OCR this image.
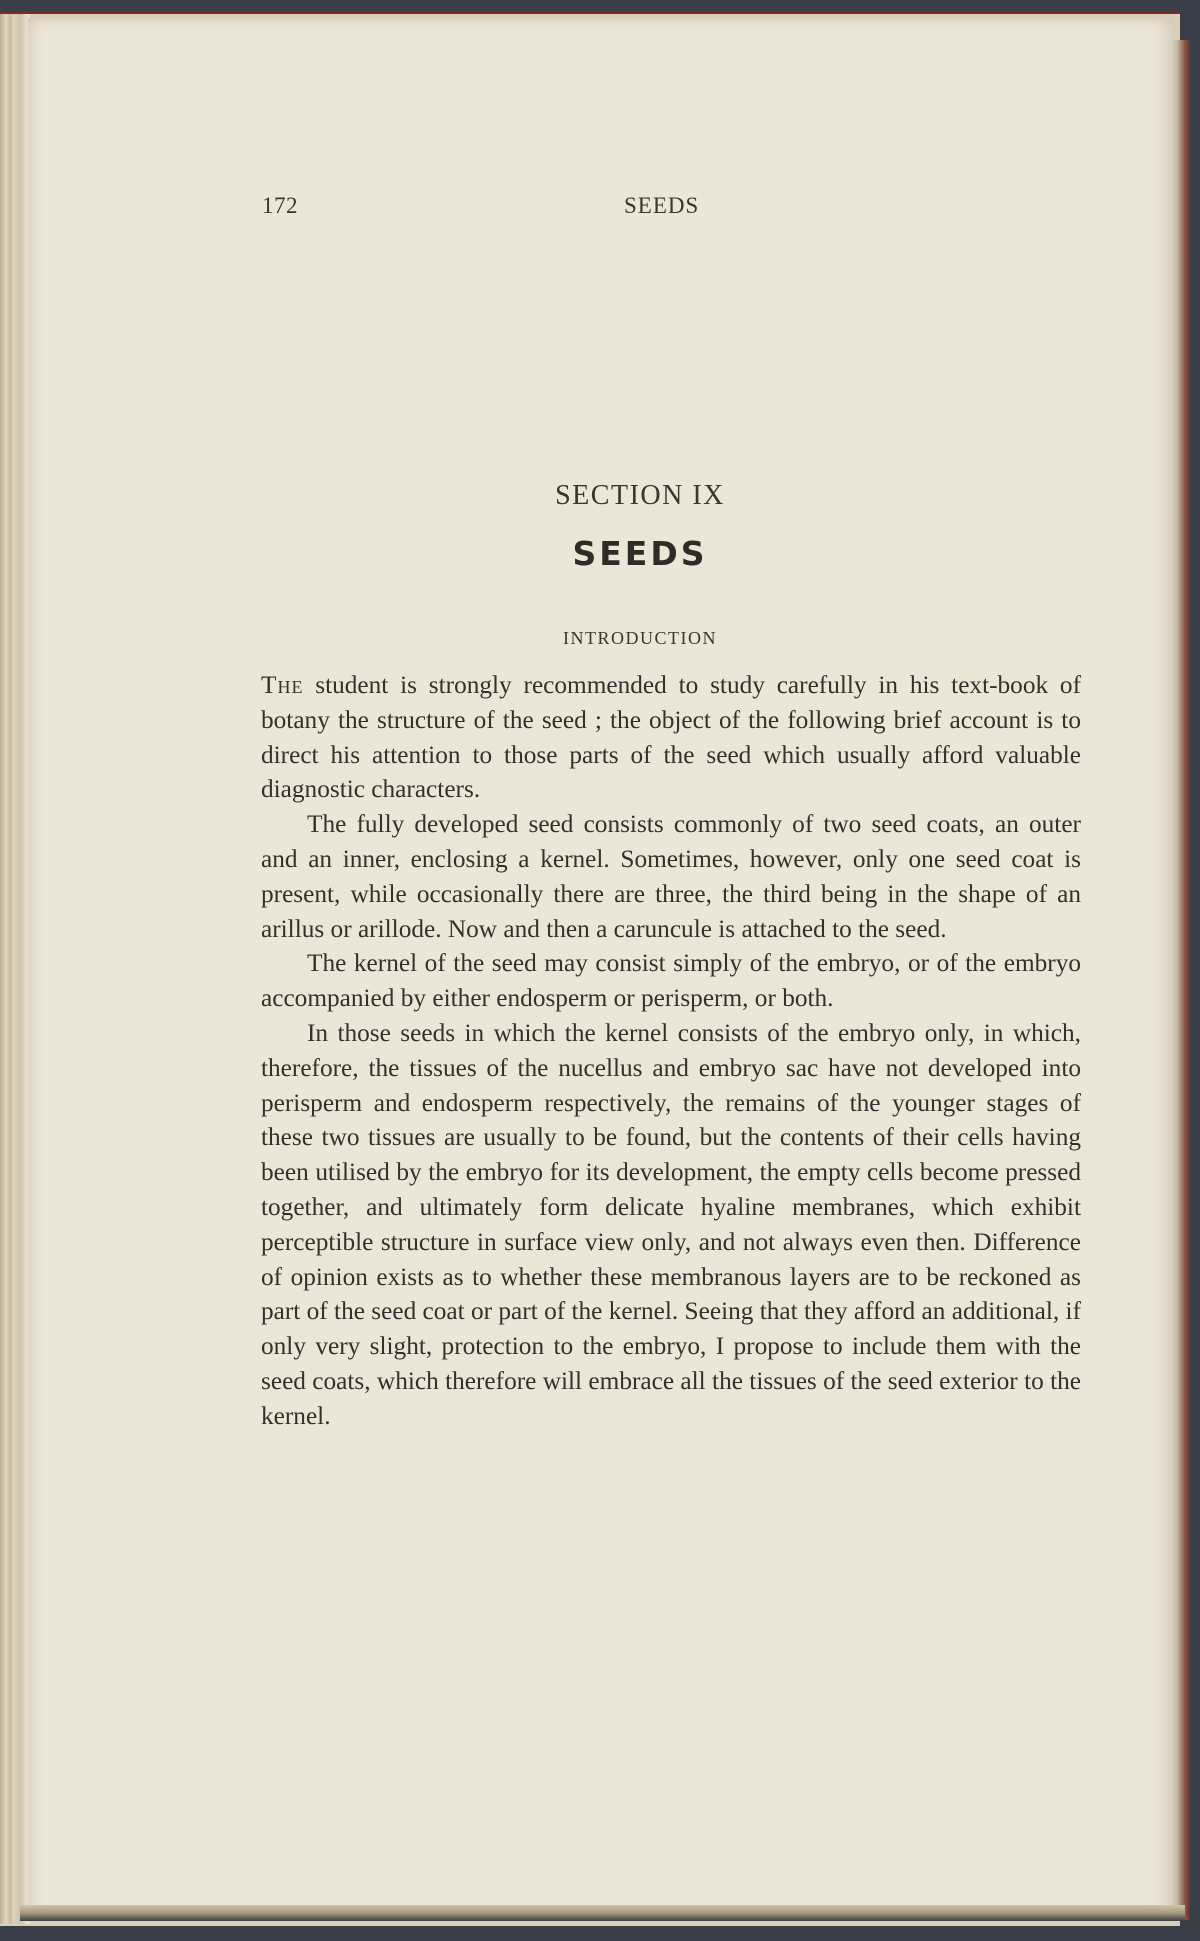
172	SEEDS
SECTION IX
SEEDS
INTRODUCTION

The student is strongly recommended to study carefully in his text-book of botany the structure of the seed ; the object of the following brief account is to direct his attention to those parts of the seed which usually afford valuable diagnostic characters.

The fully developed seed consists commonly of two seed coats, an outer and an inner, enclosing a kernel. Sometimes, however, only one seed coat is present, while occasionally there are three, the third being in the shape of an arillus or arillode. Now and then a caruncule is attached to the seed.

The kernel of the seed may consist simply of the embryo, or of the embryo accompanied by either endosperm or perisperm, or both.

In those seeds in which the kernel consists of the embryo only, in which, therefore, the tissues of the nucellus and embryo sac have not developed into perisperm and endosperm respectively, the remains of the younger stages of these two tissues are usually to be found, but the contents of their cells having been utilised by the embryo for its development, the empty cells become pressed together, and ultimately form delicate hyaline membranes, which exhibit perceptible structure in surface view only, and not always even then. Difference of opinion exists as to whether these membranous layers are to be reckoned as part of the seed coat or part of the kernel. Seeing that they afford an additional, if only very slight, protection to the embryo, I propose to include them with the seed coats, which therefore will embrace all the tissues of the seed exterior to the kernel.
